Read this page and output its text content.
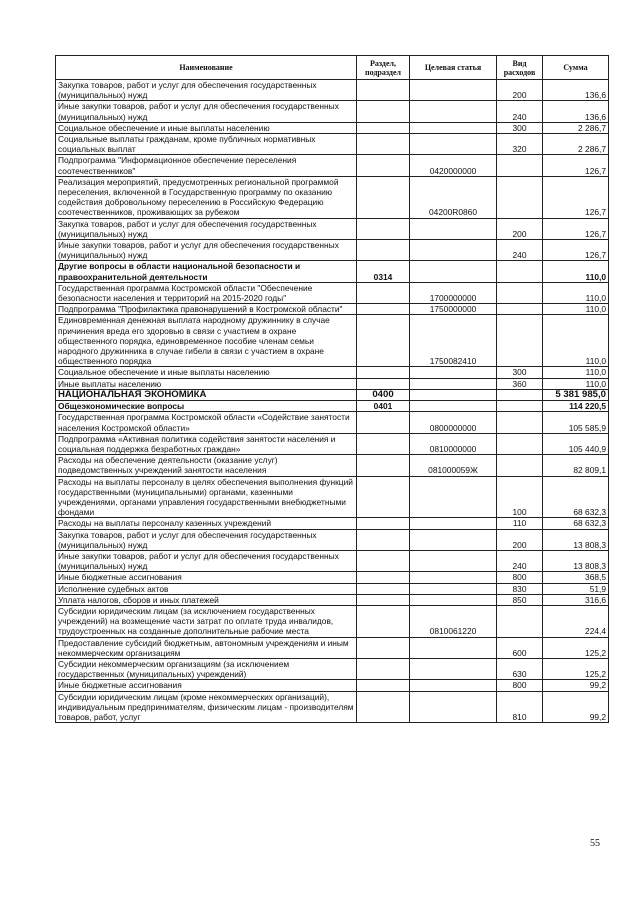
Наименование	Раздел, подраздел	Целевая статья	Вид расходов	Сумма
Закупка товаров, работ и услуг для обеспечения государственных (муниципальных) нужд			200	136,6
Иные закупки товаров, работ и услуг для обеспечения государственных (муниципальных) нужд			240	136,6
Социальное обеспечение и иные выплаты населению			300	2 286,7
Социальные выплаты гражданам, кроме публичных нормативных социальных выплат			320	2 286,7
Подпрограмма "Информационное обеспечение переселения соотечественников"		0420000000		126,7
Реализация мероприятий, предусмотренных региональной программой переселения, включенной в Государственную программу по оказанию содействия добровольному переселению в Российскую Федерацию соотечественников, проживающих за рубежом		04200R0860		126,7
Закупка товаров, работ и услуг для обеспечения государственных (муниципальных) нужд			200	126,7
Иные закупки товаров, работ и услуг для обеспечения государственных (муниципальных) нужд			240	126,7
Другие вопросы в области национальной безопасности и правоохранительной деятельности	0314			110,0
Государственная программа Костромской области "Обеспечение безопасности населения и территорий на 2015-2020 годы"		1700000000		110,0
Подпрограмма "Профилактика правонарушений в Костромской области"		1750000000		110,0
Единовременная денежная выплата народному дружиннику в случае причинения вреда его здоровью в связи с участием в охране общественного порядка, единовременное пособие членам семьи народного дружинника в случае гибели в связи с участием в охране общественного порядка		1750082410		110,0
Социальное обеспечение и иные выплаты населению			300	110,0
Иные выплаты населению			360	110,0
НАЦИОНАЛЬНАЯ ЭКОНОМИКА	0400			5 381 985,0
Общеэкономические вопросы	0401			114 220,5
Государственная программа Костромской области «Содействие занятости населения Костромской области»		0800000000		105 585,9
Подпрограмма «Активная политика содействия занятости населения и социальная поддержка безработных граждан»		0810000000		105 440,9
Расходы на обеспечение деятельности (оказание услуг) подведомственных учреждений занятости населения		081000059Ж		82 809,1
Расходы на выплаты персоналу в целях обеспечения выполнения функций государственными (муниципальными) органами, казенными учреждениями, органами управления государственными внебюджетными фондами			100	68 632,3
Расходы на выплаты персоналу казенных учреждений			110	68 632,3
Закупка товаров, работ и услуг для обеспечения государственных (муниципальных) нужд			200	13 808,3
Иные закупки товаров, работ и услуг для обеспечения государственных (муниципальных) нужд			240	13 808,3
Иные бюджетные ассигнования			800	368,5
Исполнение судебных актов			830	51,9
Уплата налогов, сборов и иных платежей			850	316,6
Субсидии юридическим лицам (за исключением государственных учреждений) на возмещение части затрат по оплате труда инвалидов, трудоустроенных на созданные дополнительные рабочие места		0810061220		224,4
Предоставление субсидий бюджетным, автономным учреждениям и иным некоммерческим организациям			600	125,2
Субсидии некоммерческим организациям (за исключением государственных (муниципальных) учреждений)			630	125,2
Иные бюджетные ассигнования			800	99,2
Субсидии юридическим лицам (кроме некоммерческих организаций), индивидуальным предпринимателям, физическим лицам - производителям товаров, работ, услуг			810	99,2
55
